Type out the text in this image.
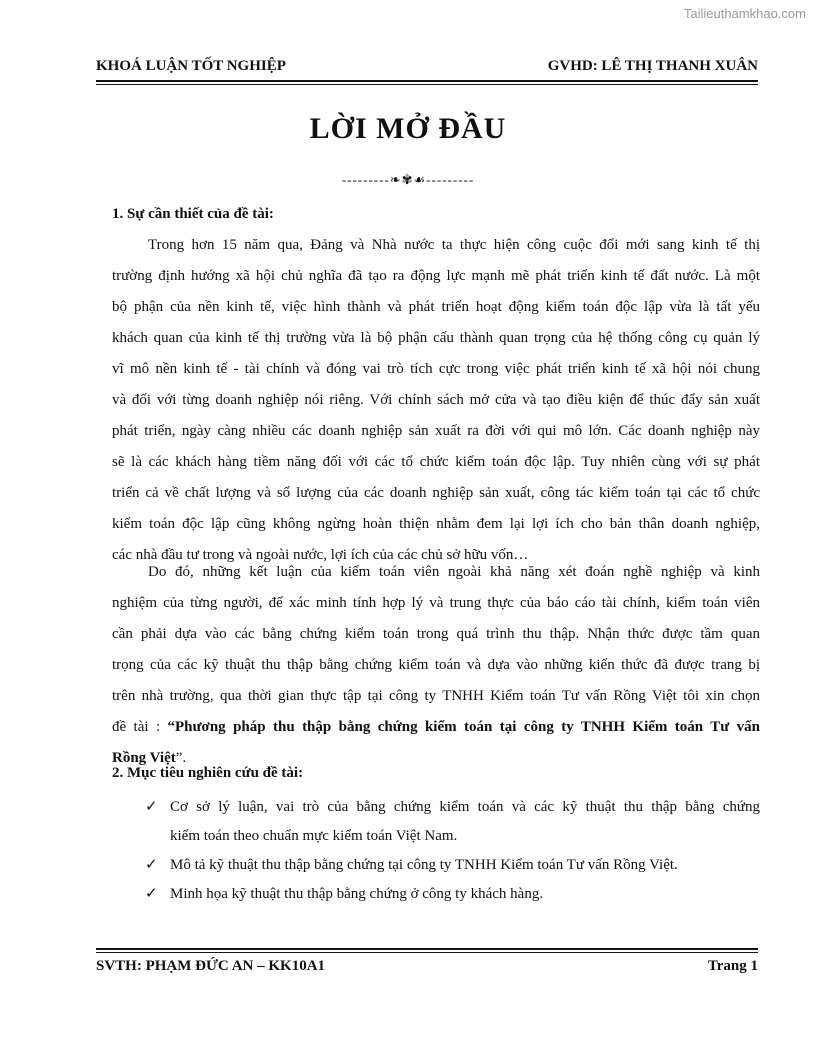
Tailieuthamkhao.com
KHOÁ LUẬN TỐT NGHIỆP	GVHD: LÊ THỊ THANH XUÂN
LỜI MỞ ĐẦU
---------❧✾☙---------
1. Sự cần thiết của đề tài:
Trong hơn 15 năm qua, Đảng và Nhà nước ta thực hiện công cuộc đổi mới sang kinh tế thị
trường định hướng xã hội chủ nghĩa đã tạo ra động lực mạnh mẽ phát triển kinh tế đất nước. Là một
bộ phận của nền kinh tế, việc hình thành và phát triển hoạt động kiểm toán độc lập vừa là tất yếu
khách quan của kinh tế thị trường vừa là bộ phận cấu thành quan trọng của hệ thống công cụ quản lý
vĩ mô nền kinh tế - tài chính và đóng vai trò tích cực trong việc phát triển kinh tế xã hội nói chung
và đối với từng doanh nghiệp nói riêng. Với chính sách mở cửa và tạo điều kiện để thúc đẩy sản xuất
phát triển, ngày càng nhiều các doanh nghiệp sản xuất ra đời với qui mô lớn. Các doanh nghiệp này
sẽ là các khách hàng tiềm năng đối với các tổ chức kiểm toán độc lập. Tuy nhiên cùng với sự phát
triển cả về chất lượng và số lượng của các doanh nghiệp sản xuất, công tác kiểm toán tại các tổ chức
kiểm toán độc lập cũng không ngừng hoàn thiện nhằm đem lại lợi ích cho bản thân doanh nghiệp,
các nhà đầu tư trong và ngoài nước, lợi ích của các chủ sở hữu vốn…
Do đó, những kết luận của kiểm toán viên ngoài khả năng xét đoán nghề nghiệp và kinh
nghiệm của từng người, để xác minh tính hợp lý và trung thực của báo cáo tài chính, kiểm toán viên
cần phải dựa vào các bằng chứng kiểm toán trong quá trình thu thập. Nhận thức được tầm quan
trọng của các kỹ thuật thu thập bằng chứng kiểm toán và dựa vào những kiến thức đã được trang bị
trên nhà trường, qua thời gian thực tập tại công ty TNHH Kiểm toán Tư vấn Rồng Việt tôi xin chọn
đề tài : “Phương pháp thu thập bằng chứng kiểm toán tại công ty TNHH Kiểm toán Tư vấn
Rồng Việt”.
2. Mục tiêu nghiên cứu đề tài:
✓ Cơ sở lý luận, vai trò của bằng chứng kiểm toán và các kỹ thuật thu thập bằng chứng
kiểm toán theo chuẩn mực kiểm toán Việt Nam.
✓ Mô tả kỹ thuật thu thập bằng chứng tại công ty TNHH Kiểm toán Tư vấn Rồng Việt.
✓ Minh họa kỹ thuật thu thập bằng chứng ở công ty khách hàng.
SVTH: PHẠM ĐỨC AN – KK10A1	Trang 1
